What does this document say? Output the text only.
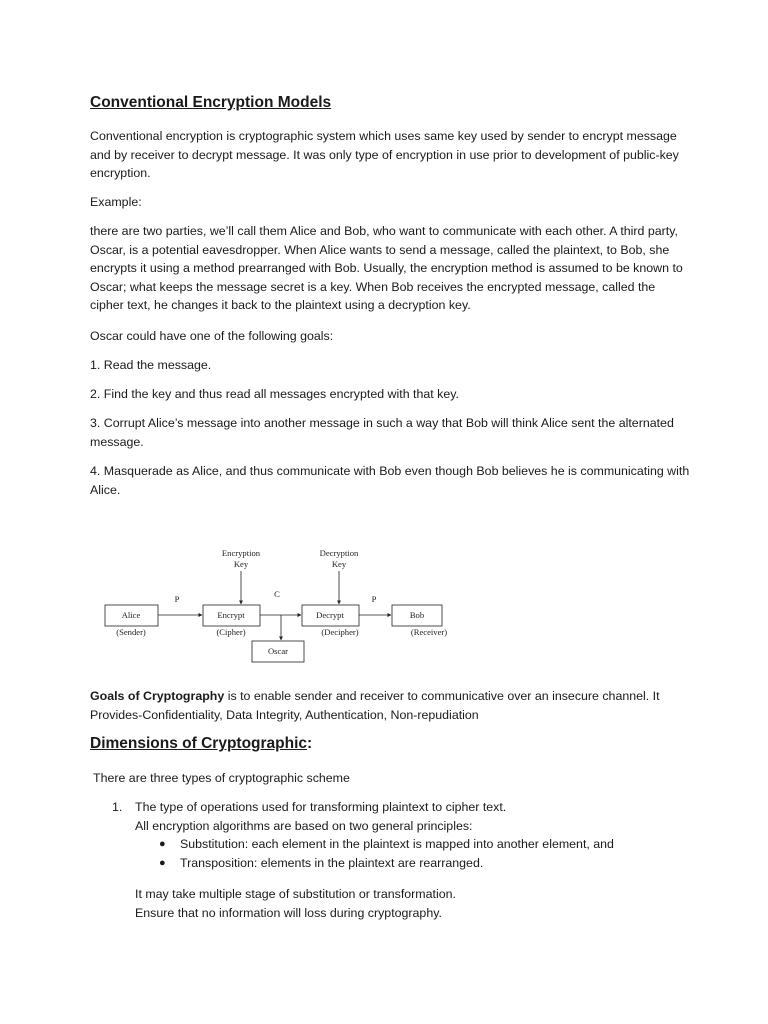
Conventional Encryption Models

Conventional encryption is cryptographic system which uses same key used by sender to encrypt message and by receiver to decrypt message. It was only type of encryption in use prior to development of public-key encryption.

Example:

there are two parties, we’ll call them Alice and Bob, who want to communicate with each other. A third party, Oscar, is a potential eavesdropper. When Alice wants to send a message, called the plaintext, to Bob, she encrypts it using a method prearranged with Bob. Usually, the encryption method is assumed to be known to Oscar; what keeps the message secret is a key. When Bob receives the encrypted message, called the cipher text, he changes it back to the plaintext using a decryption key.

Oscar could have one of the following goals:

1. Read the message.

2. Find the key and thus read all messages encrypted with that key.

3. Corrupt Alice’s message into another message in such a way that Bob will think Alice sent the alternated message.

4. Masquerade as Alice, and thus communicate with Bob even though Bob believes he is communicating with Alice.

Encryption
Key
Decryption
Key
P	C	P
Alice	Encrypt	Decrypt	Bob
Oscar
(Sender)	(Cipher)	(Decipher)	(Receiver)

Goals of Cryptography is to enable sender and receiver to communicative over an insecure channel. It Provides-Confidentiality, Data Integrity, Authentication, Non-repudiation

Dimensions of Cryptographic:

There are three types of cryptographic scheme

1. The type of operations used for transforming plaintext to cipher text.
All encryption algorithms are based on two general principles:
● Substitution: each element in the plaintext is mapped into another element, and
● Transposition: elements in the plaintext are rearranged.

It may take multiple stage of substitution or transformation.

Ensure that no information will loss during cryptography.
